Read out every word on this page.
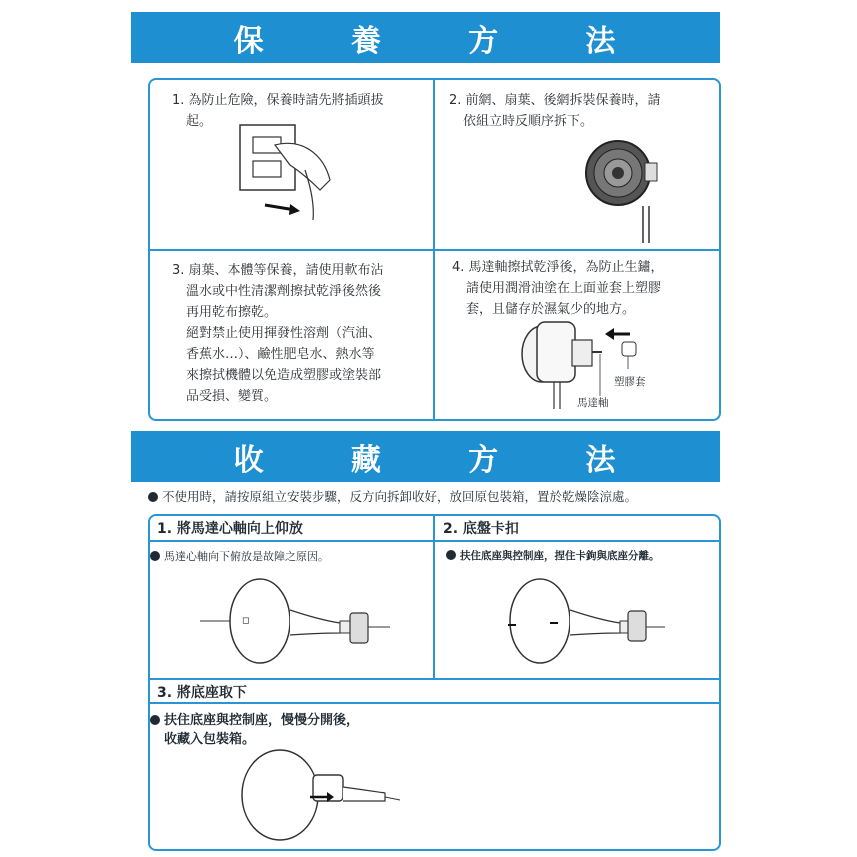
保	養	方	法
1. 為防止危險，保養時請先將插頭拔
起。
2. 前網、扇葉、後網拆裝保養時，請
依組立時反順序拆下。
3. 扇葉、本體等保養，請使用軟布沾
溫水或中性清潔劑擦拭乾淨後然後
再用乾布擦乾。
絕對禁止使用揮發性溶劑（汽油、
香蕉水…）、鹼性肥皂水、熱水等
來擦拭機體以免造成塑膠或塗裝部
品受損、變質。
4. 馬達軸擦拭乾淨後，為防止生鏽，
請使用潤滑油塗在上面並套上塑膠
套，且儲存於濕氣少的地方。
塑膠套
馬達軸
收	藏	方	法
不使用時，請按原組立安裝步驟，反方向拆卸收好，放回原包裝箱，置於乾燥陰涼處。
1. 將馬達心軸向上仰放	2. 底盤卡扣
馬達心軸向下俯放是故障之原因。	扶住底座與控制座，捏住卡鉤與底座分離。
◻
3. 將底座取下
扶住底座與控制座，慢慢分開後，
收藏入包裝箱。
